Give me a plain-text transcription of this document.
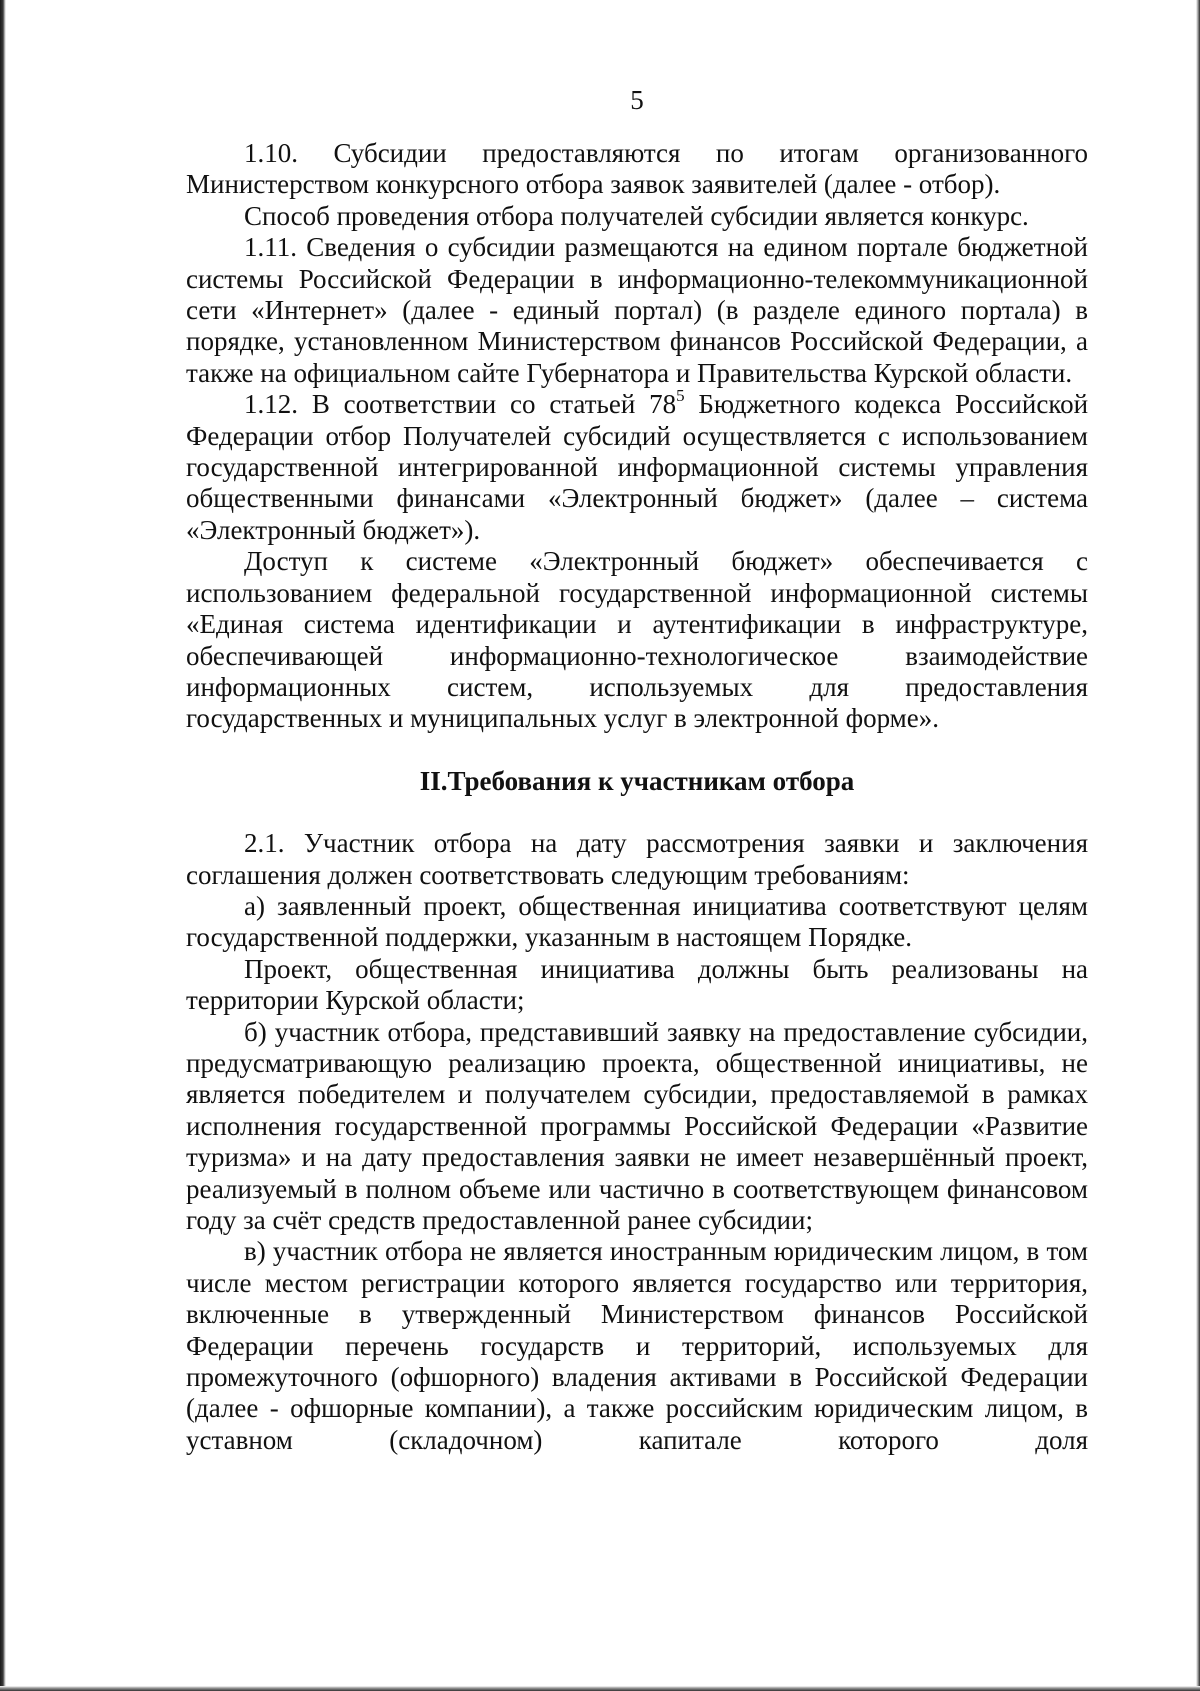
5

1.10. Субсидии предоставляются по итогам организованного Министерством конкурсного отбора заявок заявителей (далее - отбор).

Способ проведения отбора получателей субсидии является конкурс.

1.11. Сведения о субсидии размещаются на едином портале бюджетной системы Российской Федерации в информационно-телекоммуникационной сети «Интернет» (далее - единый портал) (в разделе единого портала) в порядке, установленном Министерством финансов Российской Федерации, а также на официальном сайте Губернатора и Правительства Курской области.

1.12. В соответствии со статьей $78^5$ Бюджетного кодекса Российской Федерации отбор Получателей субсидий осуществляется с использованием государственной интегрированной информационной системы управления общественными финансами «Электронный бюджет» (далее – система «Электронный бюджет»).

Доступ к системе «Электронный бюджет» обеспечивается с использованием федеральной государственной информационной системы «Единая система идентификации и аутентификации в инфраструктуре, обеспечивающей информационно-технологическое взаимодействие информационных систем, используемых для предоставления государственных и муниципальных услуг в электронной форме».

II.Требования к участникам отбора

2.1. Участник отбора на дату рассмотрения заявки и заключения соглашения должен соответствовать следующим требованиям:

а) заявленный проект, общественная инициатива соответствуют целям государственной поддержки, указанным в настоящем Порядке.

Проект, общественная инициатива должны быть реализованы на территории Курской области;

б) участник отбора, представивший заявку на предоставление субсидии, предусматривающую реализацию проекта, общественной инициативы, не является победителем и получателем субсидии, предоставляемой в рамках исполнения государственной программы Российской Федерации «Развитие туризма» и на дату предоставления заявки не имеет незавершённый проект, реализуемый в полном объеме или частично в соответствующем финансовом году за счёт средств предоставленной ранее субсидии;

в) участник отбора не является иностранным юридическим лицом, в том числе местом регистрации которого является государство или территория, включенные в утвержденный Министерством финансов Российской Федерации перечень государств и территорий, используемых для промежуточного (офшорного) владения активами в Российской Федерации (далее - офшорные компании), а также российским юридическим лицом, в уставном (складочном) капитале которого доля
